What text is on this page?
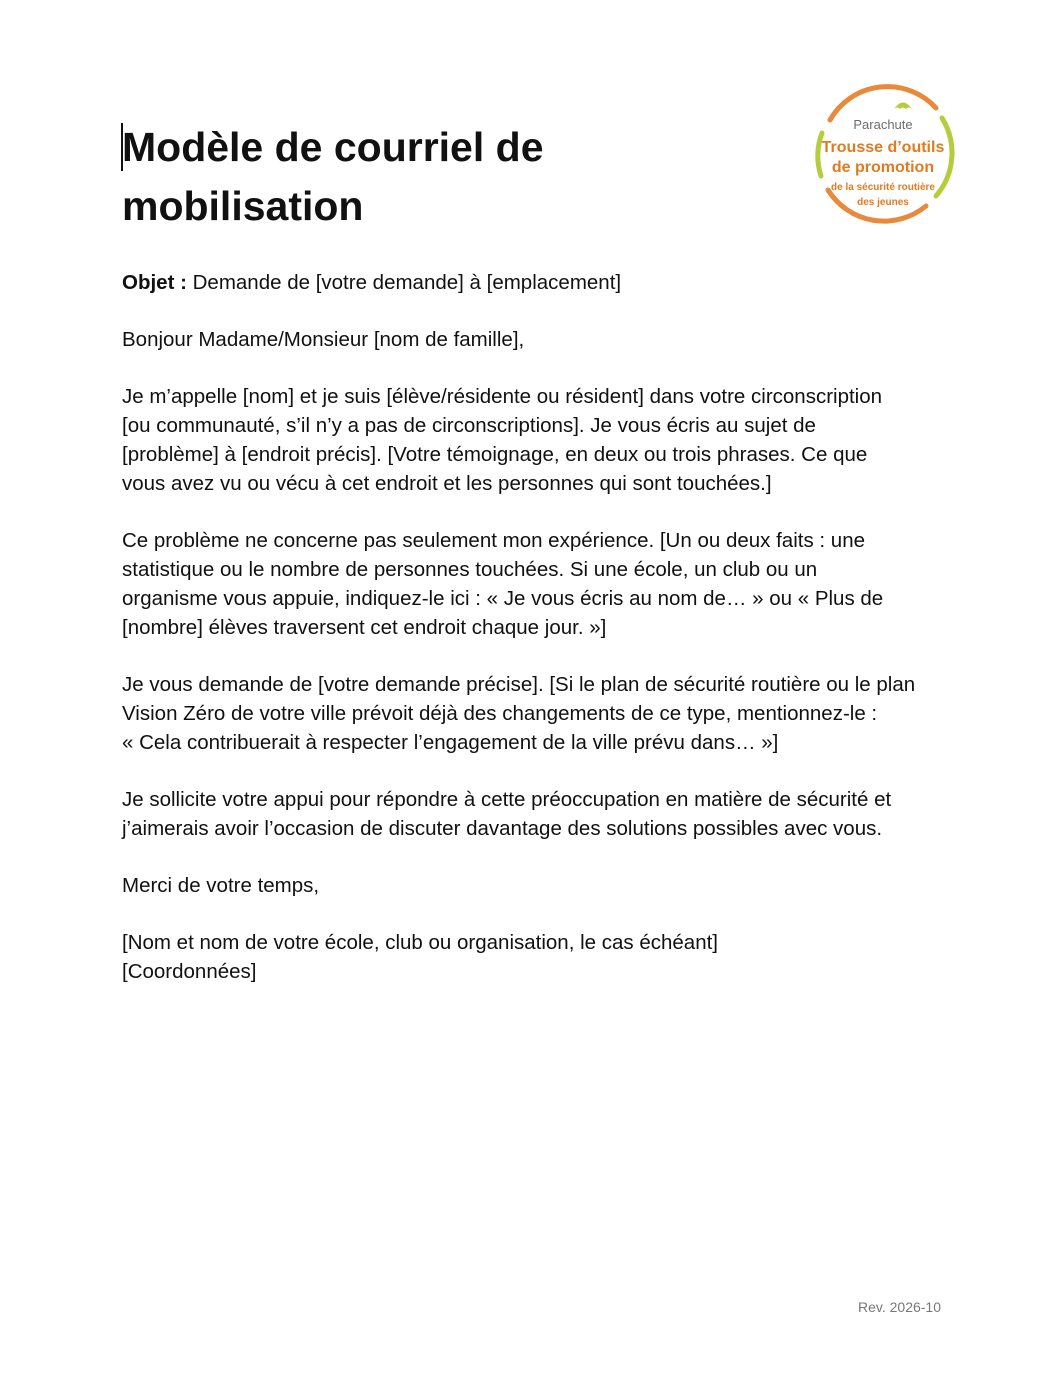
Modèle de courriel de
mobilisation
Parachute
Trousse d’outils
de promotion
de la sécurité routière
des jeunes

Objet : Demande de [votre demande] à [emplacement]

Bonjour Madame/Monsieur [nom de famille],

Je m’appelle [nom] et je suis [élève/résidente ou résident] dans votre circonscription
[ou communauté, s’il n’y a pas de circonscriptions]. Je vous écris au sujet de
[problème] à [endroit précis]. [Votre témoignage, en deux ou trois phrases. Ce que
vous avez vu ou vécu à cet endroit et les personnes qui sont touchées.]

Ce problème ne concerne pas seulement mon expérience. [Un ou deux faits : une
statistique ou le nombre de personnes touchées. Si une école, un club ou un
organisme vous appuie, indiquez-le ici : « Je vous écris au nom de… » ou « Plus de
[nombre] élèves traversent cet endroit chaque jour. »]

Je vous demande de [votre demande précise]. [Si le plan de sécurité routière ou le plan
Vision Zéro de votre ville prévoit déjà des changements de ce type, mentionnez-le :
« Cela contribuerait à respecter l’engagement de la ville prévu dans… »]

Je sollicite votre appui pour répondre à cette préoccupation en matière de sécurité et
j’aimerais avoir l’occasion de discuter davantage des solutions possibles avec vous.

Merci de votre temps,

[Nom et nom de votre école, club ou organisation, le cas échéant]
[Coordonnées]

Rev. 2026-10
